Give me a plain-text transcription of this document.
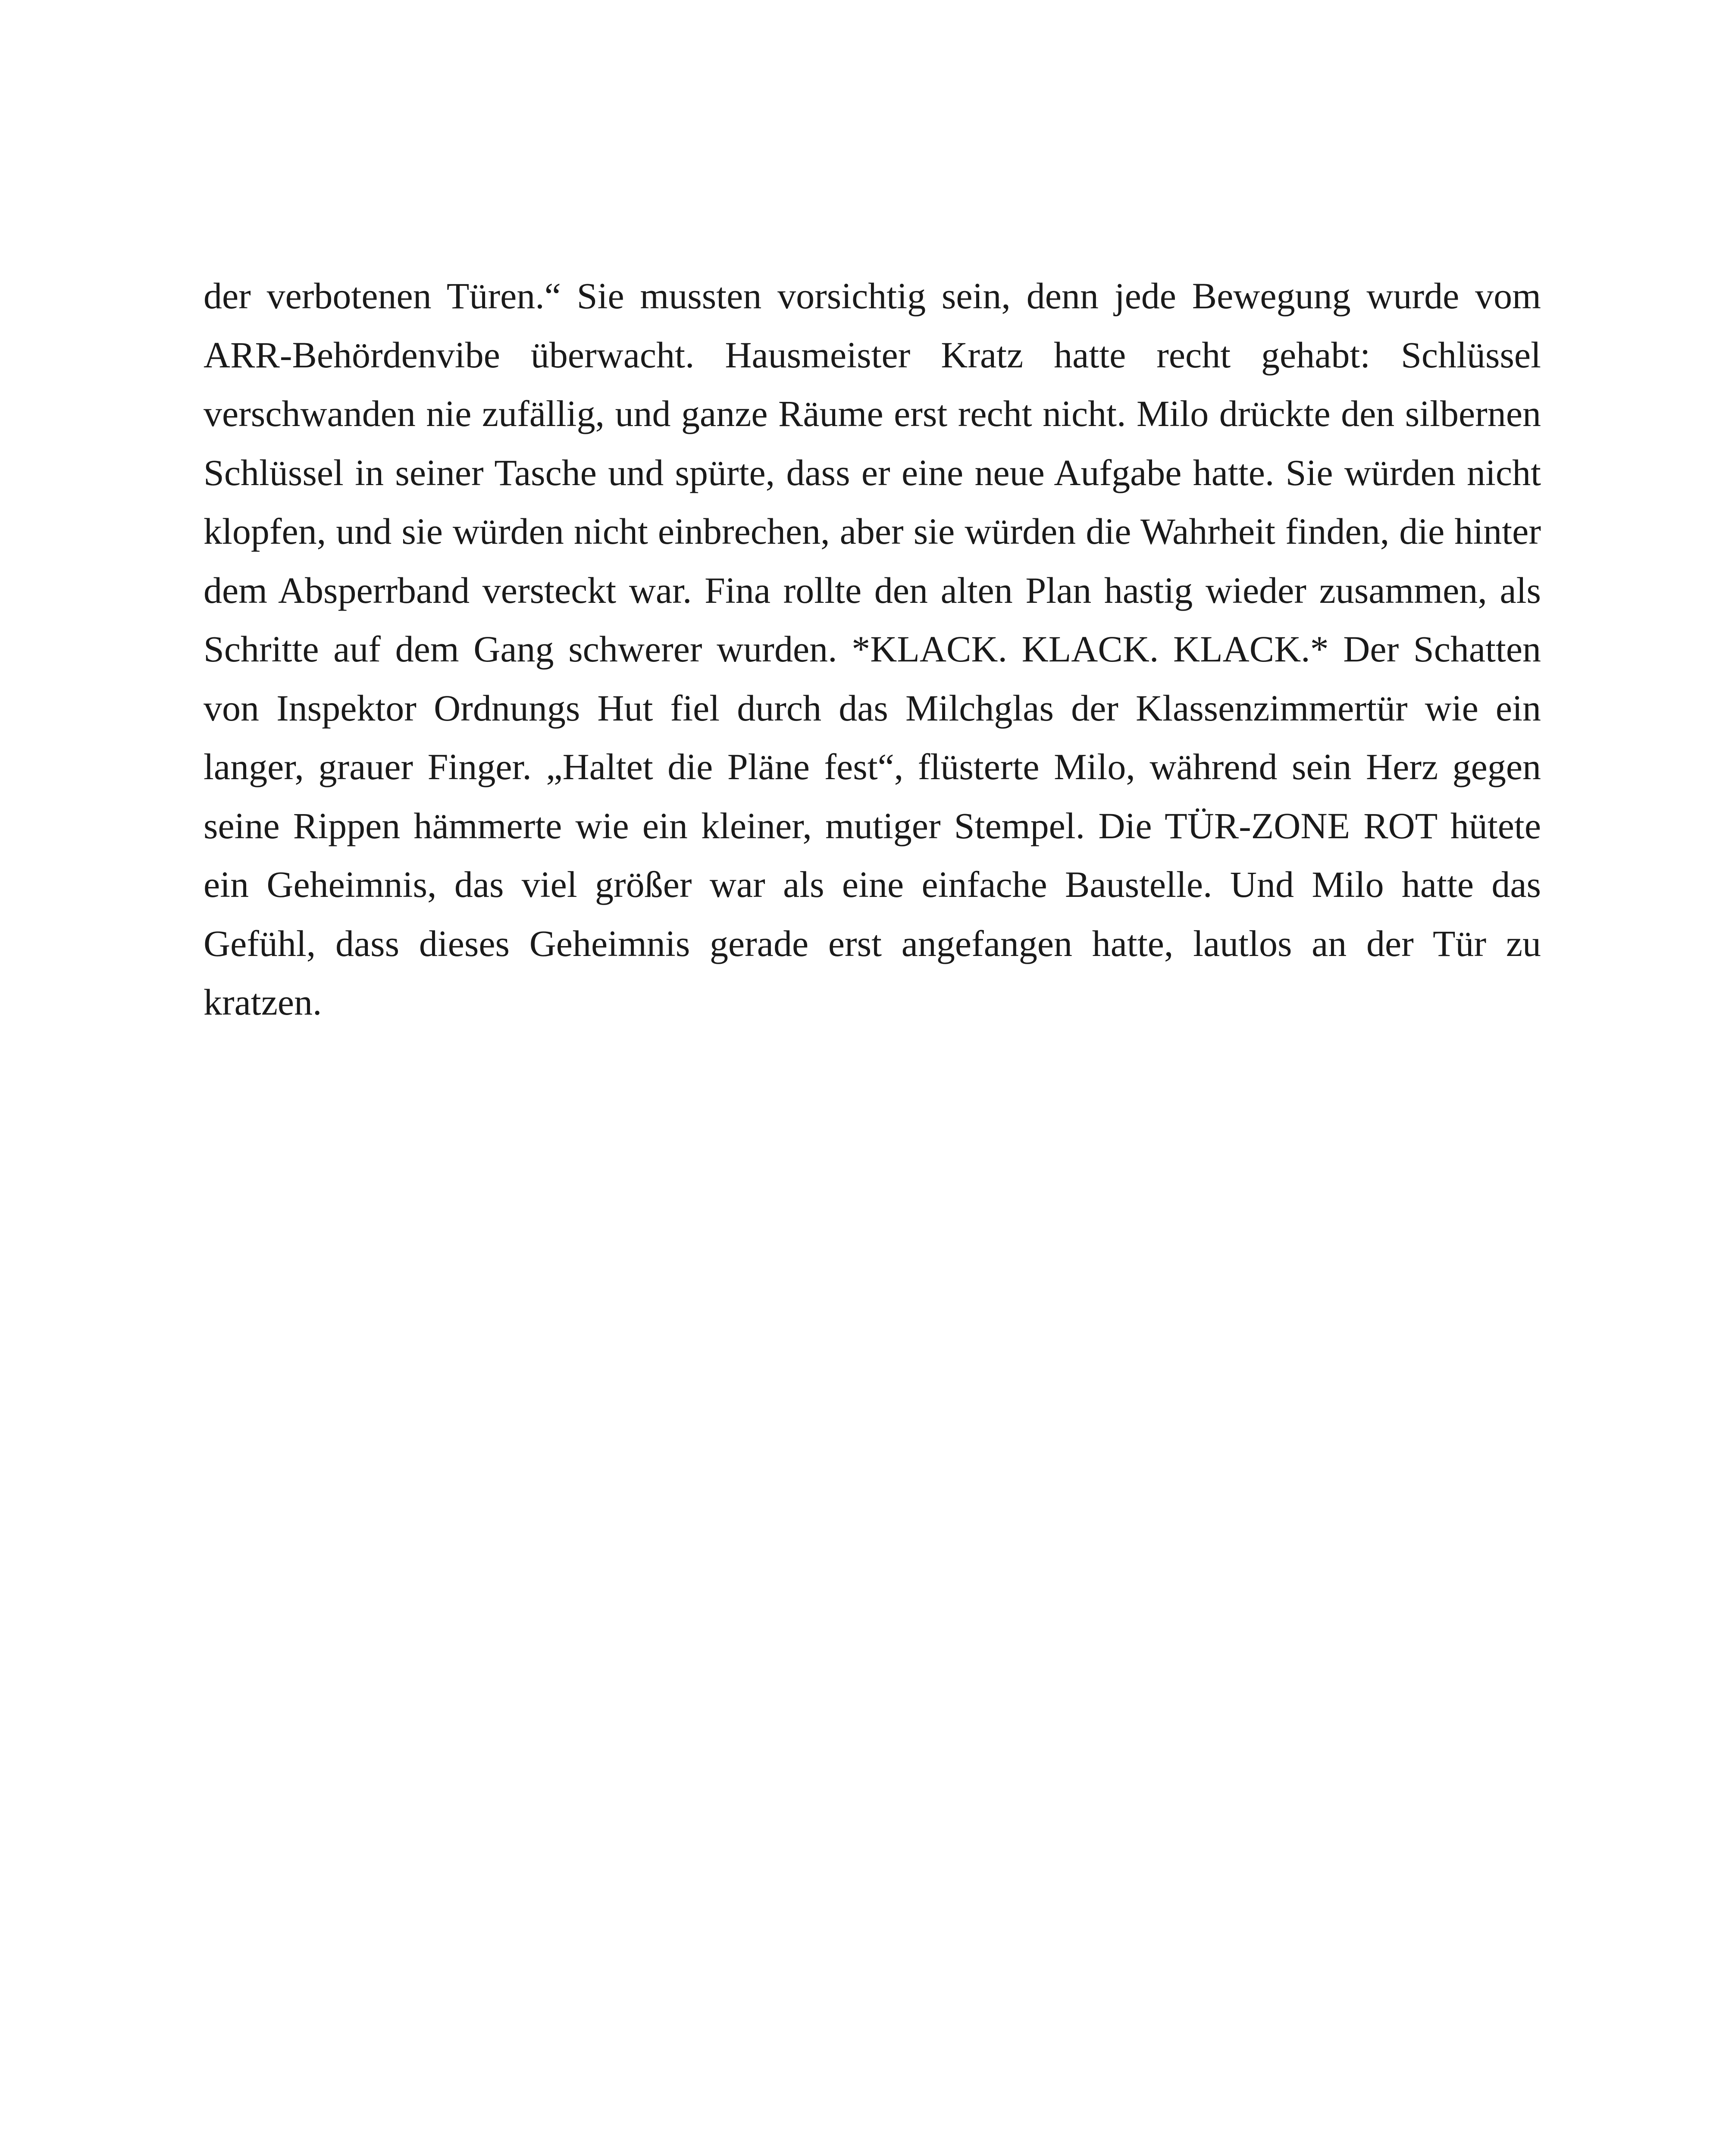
der verbotenen Türen.“ Sie mussten vorsichtig sein, denn jede Bewegung wurde vom ARR-Behördenvibe überwacht. Hausmeister Kratz hatte recht gehabt: Schlüssel verschwanden nie zufällig, und ganze Räume erst recht nicht. Milo drückte den silbernen Schlüssel in seiner Tasche und spürte, dass er eine neue Aufgabe hatte. Sie würden nicht klopfen, und sie würden nicht einbrechen, aber sie würden die Wahrheit finden, die hinter dem Absperrband versteckt war. Fina rollte den alten Plan hastig wieder zusammen, als Schritte auf dem Gang schwerer wurden. *KLACK. KLACK. KLACK.* Der Schatten von Inspektor Ordnungs Hut fiel durch das Milchglas der Klassenzimmertür wie ein langer, grauer Finger. „Haltet die Pläne fest“, flüsterte Milo, während sein Herz gegen seine Rippen hämmerte wie ein kleiner, mutiger Stempel. Die TÜR-ZONE ROT hütete ein Geheimnis, das viel größer war als eine einfache Baustelle. Und Milo hatte das Gefühl, dass dieses Geheimnis gerade erst angefangen hatte, lautlos an der Tür zu kratzen.
